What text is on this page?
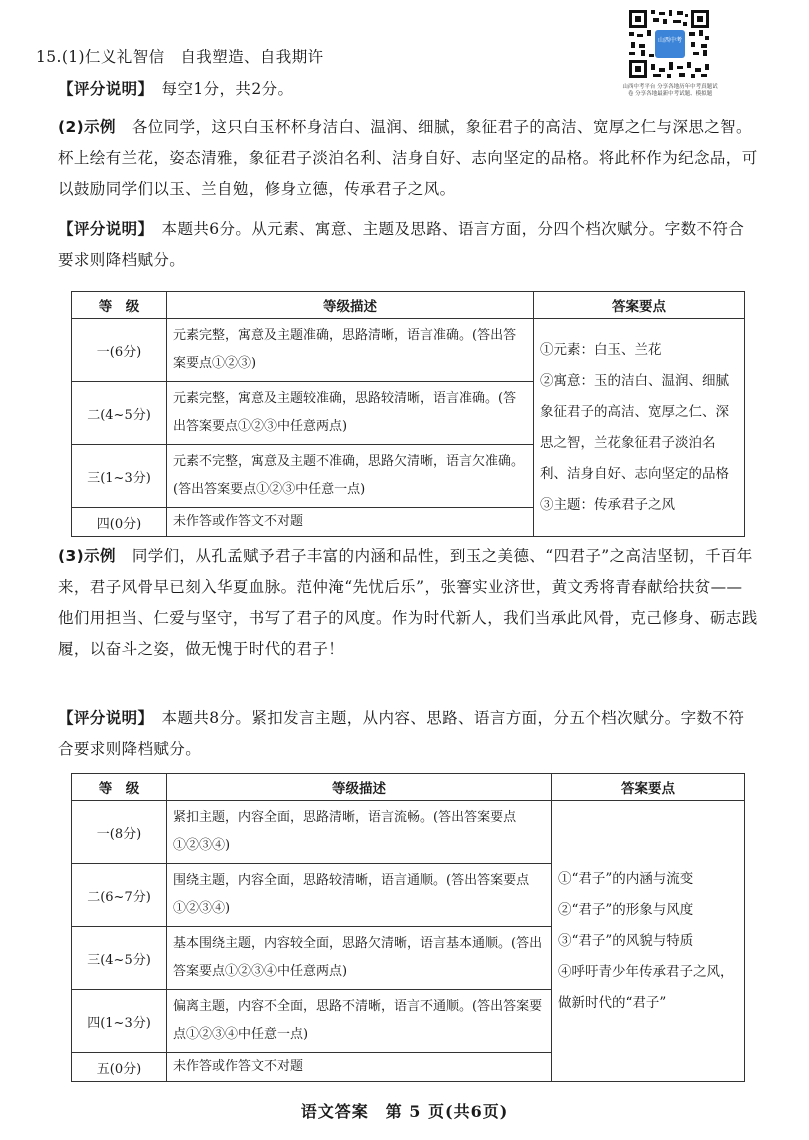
山西中考
山西中考平台 分享各地历年中考真题试卷 分享各地最新中考试题、模拟题
15.(1)仁义礼智信　自我塑造、自我期许
【评分说明】　每空1分，共2分。
(2)示例　各位同学，这只白玉杯杯身洁白、温润、细腻，象征君子的高洁、宽厚之仁与深思之智。杯上绘有兰花，姿态清雅，象征君子淡泊名利、洁身自好、志向坚定的品格。将此杯作为纪念品，可以鼓励同学们以玉、兰自勉，修身立德，传承君子之风。
【评分说明】　本题共6分。从元素、寓意、主题及思路、语言方面，分四个档次赋分。字数不符合要求则降档赋分。
等　级	等级描述	答案要点
一(6分)	元素完整，寓意及主题准确，思路清晰，语言准确。(答出答案要点①②③)	①元素：白玉、兰花
②寓意：玉的洁白、温润、细腻象征君子的高洁、宽厚之仁、深思之智，兰花象征君子淡泊名利、洁身自好、志向坚定的品格
③主题：传承君子之风

二(4~5分)	元素完整，寓意及主题较准确，思路较清晰，语言准确。(答出答案要点①②③中任意两点)	
三(1~3分)	元素不完整，寓意及主题不准确，思路欠清晰，语言欠准确。(答出答案要点①②③中任意一点)	
四(0分)	未作答或作答文不对题	
(3)示例　同学们，从孔孟赋予君子丰富的内涵和品性，到玉之美德、“四君子”之高洁坚韧，千百年来，君子风骨早已刻入华夏血脉。范仲淹“先忧后乐”，张謇实业济世，黄文秀将青春献给扶贫——他们用担当、仁爱与坚守，书写了君子的风度。作为时代新人，我们当承此风骨，克己修身、砺志践履，以奋斗之姿，做无愧于时代的君子！
【评分说明】　本题共8分。紧扣发言主题，从内容、思路、语言方面，分五个档次赋分。字数不符合要求则降档赋分。
等　级	等级描述	答案要点
一(8分)	紧扣主题，内容全面，思路清晰，语言流畅。(答出答案要点①②③④)	①“君子”的内涵与流变
②“君子”的形象与风度
③“君子”的风貌与特质
④呼吁青少年传承君子之风，做新时代的“君子”

二(6~7分)	围绕主题，内容全面，思路较清晰，语言通顺。(答出答案要点①②③④)	
三(4~5分)	基本围绕主题，内容较全面，思路欠清晰，语言基本通顺。(答出答案要点①②③④中任意两点)	
四(1~3分)	偏离主题，内容不全面，思路不清晰，语言不通顺。(答出答案要点①②③④中任意一点)	
五(0分)	未作答或作答文不对题	
语文答案　第 5 页(共6页)
